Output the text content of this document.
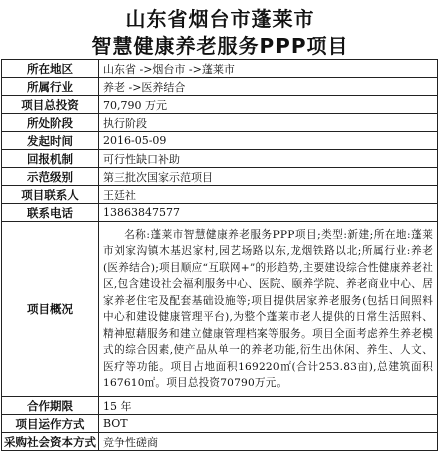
山东省烟台市蓬莱市
智慧健康养老服务PPP项目
所在地区	山东省 ->烟台市 ->蓬莱市
所属行业	养老 ->医养结合
项目总投资	70,790 万元
所处阶段	执行阶段
发起时间	2016-05-09
回报机制	可行性缺口补助
示范级别	第三批次国家示范项目
项目联系人	王廷社
联系电话	13863847577
项目概况	名称:蓬莱市智慧健康养老服务PPP项目;类型:新建;所在地:蓬莱市刘家沟镇木基迟家村,园艺场路以东,龙烟铁路以北;所属行业:养老(医养结合);项目顺应“互联网+”的形趋势,主要建设综合性健康养老社区,包含建设社会福利服务中心、医院、颐养学院、养老商业中心、居家养老住宅及配套基础设施等;项目提供居家养老服务(包括日间照料中心和建设健康管理平台),为整个蓬莱市老人提供的日常生活照料、精神慰藉服务和建立健康管理档案等服务。项目全面考虑养生养老模式的综合因素,使产品从单一的养老功能,衍生出休闲、养生、人文、医疗等功能。项目占地面积169220㎡(合计253.83亩),总建筑面积167610㎡。项目总投资70790万元。
合作期限	15 年
项目运作方式	BOT
采购社会资本方式	竞争性磋商
